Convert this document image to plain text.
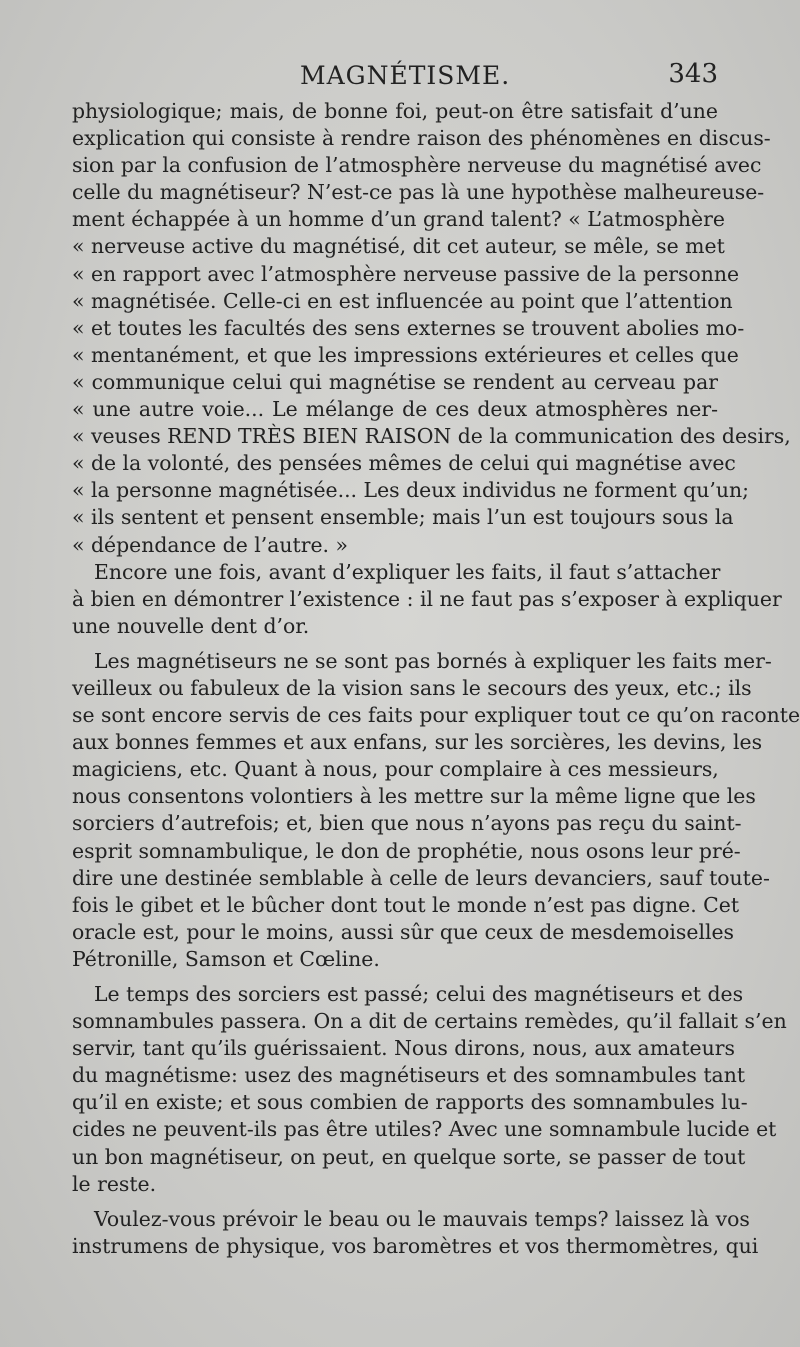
MAGNÉTISME.	343
physiologique; mais, de bonne foi, peut-on être satisfait d’une
explication qui consiste à rendre raison des phénomènes en discus-
sion par la confusion de l’atmosphère nerveuse du magnétisé avec
celle du magnétiseur? N’est-ce pas là une hypothèse malheureuse-
ment échappée à un homme d’un grand talent? « L’atmosphère
« nerveuse active du magnétisé, dit cet auteur, se mêle, se met
« en rapport avec l’atmosphère nerveuse passive de la personne
« magnétisée. Celle-ci en est influencée au point que l’attention
« et toutes les facultés des sens externes se trouvent abolies mo-
« mentanément, et que les impressions extérieures et celles que
« communique celui qui magnétise se rendent au cerveau par
« une autre voie... Le mélange de ces deux atmosphères ner-
« veuses REND TRÈS BIEN RAISON de la communication des desirs,
« de la volonté, des pensées mêmes de celui qui magnétise avec
« la personne magnétisée... Les deux individus ne forment qu’un;
« ils sentent et pensent ensemble; mais l’un est toujours sous la
« dépendance de l’autre. »
Encore une fois, avant d’expliquer les faits, il faut s’attacher
à bien en démontrer l’existence : il ne faut pas s’exposer à expliquer
une nouvelle dent d’or.
Les magnétiseurs ne se sont pas bornés à expliquer les faits mer-
veilleux ou fabuleux de la vision sans le secours des yeux, etc.; ils
se sont encore servis de ces faits pour expliquer tout ce qu’on raconte
aux bonnes femmes et aux enfans, sur les sorcières, les devins, les
magiciens, etc. Quant à nous, pour complaire à ces messieurs,
nous consentons volontiers à les mettre sur la même ligne que les
sorciers d’autrefois; et, bien que nous n’ayons pas reçu du saint-
esprit somnambulique, le don de prophétie, nous osons leur pré-
dire une destinée semblable à celle de leurs devanciers, sauf toute-
fois le gibet et le bûcher dont tout le monde n’est pas digne. Cet
oracle est, pour le moins, aussi sûr que ceux de mesdemoiselles
Pétronille, Samson et Cœline.
Le temps des sorciers est passé; celui des magnétiseurs et des
somnambules passera. On a dit de certains remèdes, qu’il fallait s’en
servir, tant qu’ils guérissaient. Nous dirons, nous, aux amateurs
du magnétisme: usez des magnétiseurs et des somnambules tant
qu’il en existe; et sous combien de rapports des somnambules lu-
cides ne peuvent-ils pas être utiles? Avec une somnambule lucide et
un bon magnétiseur, on peut, en quelque sorte, se passer de tout
le reste.
Voulez-vous prévoir le beau ou le mauvais temps? laissez là vos
instrumens de physique, vos baromètres et vos thermomètres, qui
